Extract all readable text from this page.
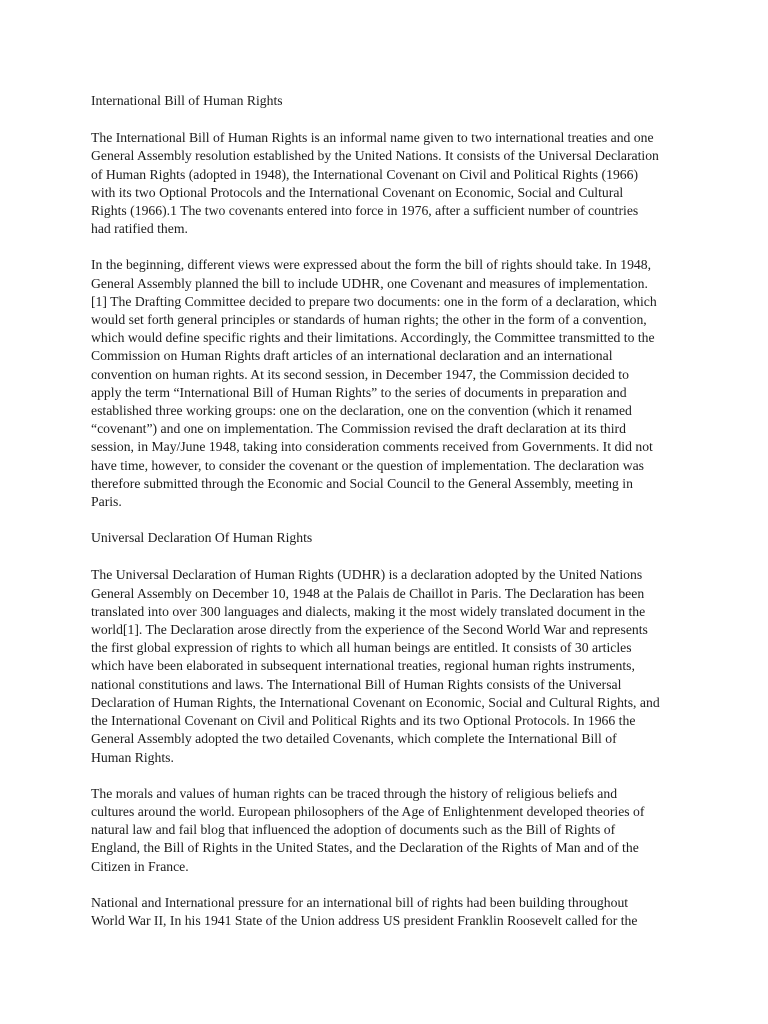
International Bill of Human Rights

The International Bill of Human Rights is an informal name given to two international treaties and one
General Assembly resolution established by the United Nations. It consists of the Universal Declaration
of Human Rights (adopted in 1948), the International Covenant on Civil and Political Rights (1966)
with its two Optional Protocols and the International Covenant on Economic, Social and Cultural
Rights (1966).1 The two covenants entered into force in 1976, after a sufficient number of countries
had ratified them.

In the beginning, different views were expressed about the form the bill of rights should take. In 1948,
General Assembly planned the bill to include UDHR, one Covenant and measures of implementation.
[1] The Drafting Committee decided to prepare two documents: one in the form of a declaration, which
would set forth general principles or standards of human rights; the other in the form of a convention,
which would define specific rights and their limitations. Accordingly, the Committee transmitted to the
Commission on Human Rights draft articles of an international declaration and an international
convention on human rights. At its second session, in December 1947, the Commission decided to
apply the term “International Bill of Human Rights” to the series of documents in preparation and
established three working groups: one on the declaration, one on the convention (which it renamed
“covenant”) and one on implementation. The Commission revised the draft declaration at its third
session, in May/June 1948, taking into consideration comments received from Governments. It did not
have time, however, to consider the covenant or the question of implementation. The declaration was
therefore submitted through the Economic and Social Council to the General Assembly, meeting in
Paris.

Universal Declaration Of Human Rights

The Universal Declaration of Human Rights (UDHR) is a declaration adopted by the United Nations
General Assembly on December 10, 1948 at the Palais de Chaillot in Paris. The Declaration has been
translated into over 300 languages and dialects, making it the most widely translated document in the
world[1]. The Declaration arose directly from the experience of the Second World War and represents
the first global expression of rights to which all human beings are entitled. It consists of 30 articles
which have been elaborated in subsequent international treaties, regional human rights instruments,
national constitutions and laws. The International Bill of Human Rights consists of the Universal
Declaration of Human Rights, the International Covenant on Economic, Social and Cultural Rights, and
the International Covenant on Civil and Political Rights and its two Optional Protocols. In 1966 the
General Assembly adopted the two detailed Covenants, which complete the International Bill of
Human Rights.

The morals and values of human rights can be traced through the history of religious beliefs and
cultures around the world. European philosophers of the Age of Enlightenment developed theories of
natural law and fail blog that influenced the adoption of documents such as the Bill of Rights of
England, the Bill of Rights in the United States, and the Declaration of the Rights of Man and of the
Citizen in France.

National and International pressure for an international bill of rights had been building throughout
World War II, In his 1941 State of the Union address US president Franklin Roosevelt called for the
